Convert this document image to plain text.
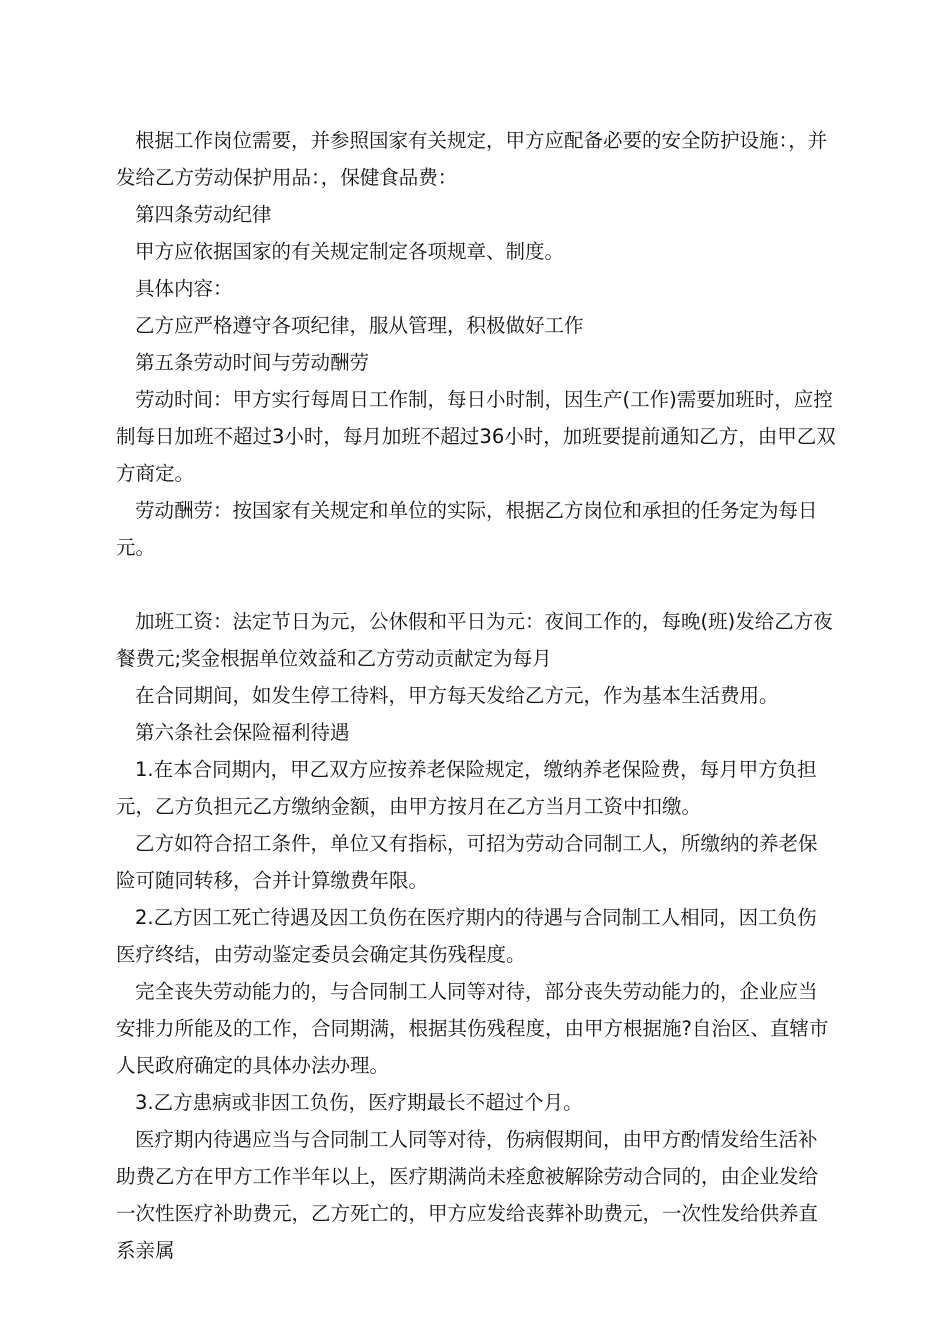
根据工作岗位需要，并参照国家有关规定，甲方应配备必要的安全防护设施：，并发给乙方劳动保护用品：，保健食品费：

第四条劳动纪律

甲方应依据国家的有关规定制定各项规章、制度。

具体内容：

乙方应严格遵守各项纪律，服从管理，积极做好工作

第五条劳动时间与劳动酬劳

劳动时间：甲方实行每周日工作制，每日小时制，因生产(工作)需要加班时，应控制每日加班不超过3小时，每月加班不超过36小时，加班要提前通知乙方，由甲乙双方商定。

劳动酬劳：按国家有关规定和单位的实际，根据乙方岗位和承担的任务定为每日元。

加班工资：法定节日为元，公休假和平日为元：夜间工作的，每晚(班)发给乙方夜餐费元;奖金根据单位效益和乙方劳动贡献定为每月

在合同期间，如发生停工待料，甲方每天发给乙方元，作为基本生活费用。

第六条社会保险福利待遇

1.在本合同期内，甲乙双方应按养老保险规定，缴纳养老保险费，每月甲方负担元，乙方负担元乙方缴纳金额，由甲方按月在乙方当月工资中扣缴。

乙方如符合招工条件，单位又有指标，可招为劳动合同制工人，所缴纳的养老保险可随同转移，合并计算缴费年限。

2.乙方因工死亡待遇及因工负伤在医疗期内的待遇与合同制工人相同，因工负伤医疗终结，由劳动鉴定委员会确定其伤残程度。

完全丧失劳动能力的，与合同制工人同等对待，部分丧失劳动能力的，企业应当安排力所能及的工作，合同期满，根据其伤残程度，由甲方根据施?自治区、直辖市人民政府确定的具体办法办理。

3.乙方患病或非因工负伤，医疗期最长不超过个月。

医疗期内待遇应当与合同制工人同等对待，伤病假期间，由甲方酌情发给生活补助费乙方在甲方工作半年以上，医疗期满尚未痊愈被解除劳动合同的，由企业发给一次性医疗补助费元，乙方死亡的，甲方应发给丧葬补助费元，一次性发给供养直系亲属
